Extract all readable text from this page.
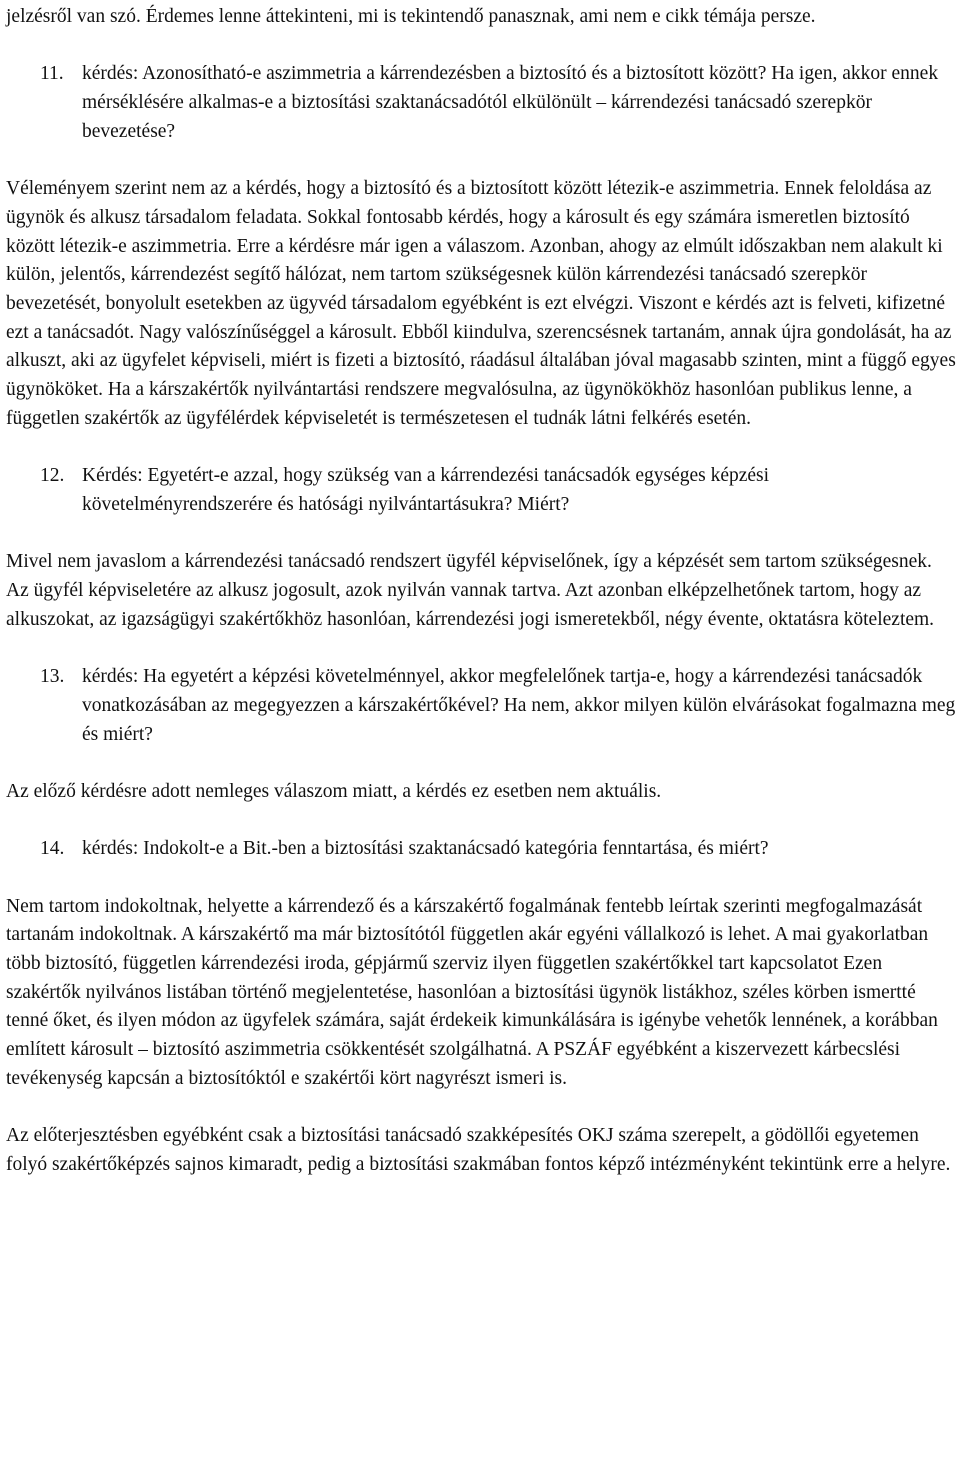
jelzésről van szó. Érdemes lenne áttekinteni, mi is tekintendő panasznak, ami nem e cikk témája persze.

11. kérdés: Azonosítható-e aszimmetria a kárrendezésben a biztosító és a biztosított között? Ha igen, akkor ennek mérséklésére alkalmas-e a biztosítási szaktanácsadótól elkülönült – kárrendezési tanácsadó szerepkör bevezetése?

Véleményem szerint nem az a kérdés, hogy a biztosító és a biztosított között létezik-e aszimmetria. Ennek feloldása az ügynök és alkusz társadalom feladata. Sokkal fontosabb kérdés, hogy a károsult és egy számára ismeretlen biztosító között létezik-e aszimmetria. Erre a kérdésre már igen a válaszom. Azonban, ahogy az elmúlt időszakban nem alakult ki külön, jelentős, kárrendezést segítő hálózat, nem tartom szükségesnek külön kárrendezési tanácsadó szerepkör bevezetését, bonyolult esetekben az ügyvéd társadalom egyébként is ezt elvégzi. Viszont e kérdés azt is felveti, kifizetné ezt a tanácsadót. Nagy valószínűséggel a károsult. Ebből kiindulva, szerencsésnek tartanám, annak újra gondolását, ha az alkuszt, aki az ügyfelet képviseli, miért is fizeti a biztosító, ráadásul általában jóval magasabb szinten, mint a függő egyes ügynököket. Ha a kárszakértők nyilvántartási rendszere megvalósulna, az ügynökökhöz hasonlóan publikus lenne, a független szakértők az ügyfélérdek képviseletét is természetesen el tudnák látni felkérés esetén.

12. Kérdés: Egyetért-e azzal, hogy szükség van a kárrendezési tanácsadók egységes képzési követelményrendszerére és hatósági nyilvántartásukra? Miért?

Mivel nem javaslom a kárrendezési tanácsadó rendszert ügyfél képviselőnek, így a képzését sem tartom szükségesnek. Az ügyfél képviseletére az alkusz jogosult, azok nyilván vannak tartva. Azt azonban elképzelhetőnek tartom, hogy az alkuszokat, az igazságügyi szakértőkhöz hasonlóan, kárrendezési jogi ismeretekből, négy évente, oktatásra köteleztem.

13. kérdés: Ha egyetért a képzési követelménnyel, akkor megfelelőnek tartja-e, hogy a kárrendezési tanácsadók vonatkozásában az megegyezzen a kárszakértőkével? Ha nem, akkor milyen külön elvárásokat fogalmazna meg és miért?

Az előző kérdésre adott nemleges válaszom miatt, a kérdés ez esetben nem aktuális.

14. kérdés: Indokolt-e a Bit.-ben a biztosítási szaktanácsadó kategória fenntartása, és miért?

Nem tartom indokoltnak, helyette a kárrendező és a kárszakértő fogalmának fentebb leírtak szerinti megfogalmazását tartanám indokoltnak. A kárszakértő ma már biztosítótól független akár egyéni vállalkozó is lehet. A mai gyakorlatban több biztosító, független kárrendezési iroda, gépjármű szerviz ilyen független szakértőkkel tart kapcsolatot Ezen szakértők nyilvános listában történő megjelentetése, hasonlóan a biztosítási ügynök listákhoz, széles körben ismertté tenné őket, és ilyen módon az ügyfelek számára, saját érdekeik kimunkálására is igénybe vehetők lennének, a korábban említett károsult – biztosító aszimmetria csökkentését szolgálhatná. A PSZÁF egyébként a kiszervezett kárbecslési tevékenység kapcsán a biztosítóktól e szakértői kört nagyrészt ismeri is.

Az előterjesztésben egyébként csak a biztosítási tanácsadó szakképesítés OKJ száma szerepelt, a gödöllői egyetemen folyó szakértőképzés sajnos kimaradt, pedig a biztosítási szakmában fontos képző intézményként tekintünk erre a helyre.
